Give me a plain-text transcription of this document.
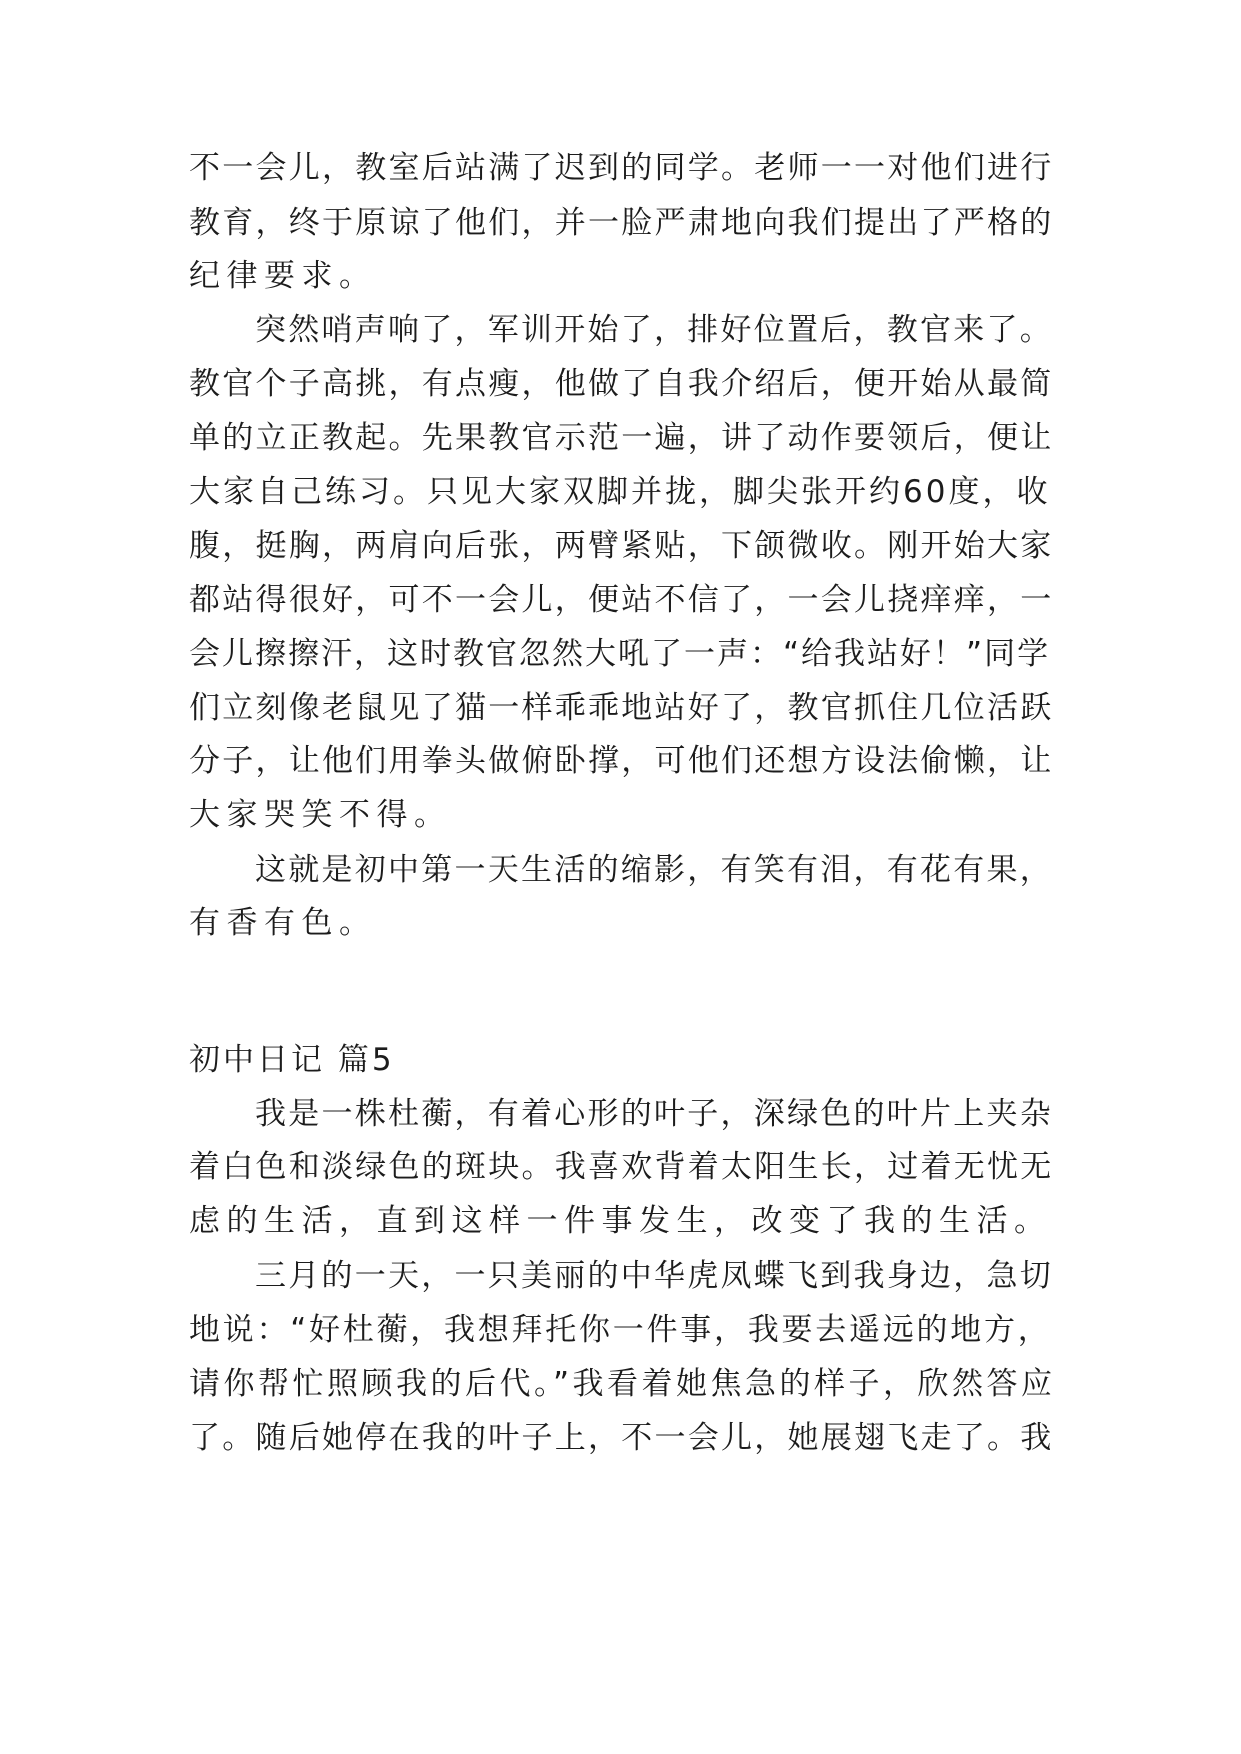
不一会儿，教室后站满了迟到的同学。老师一一对他们进行

教育，终于原谅了他们，并一脸严肃地向我们提出了严格的

纪律要求。

突然哨声响了，军训开始了，排好位置后，教官来了。

教官个子高挑，有点瘦，他做了自我介绍后，便开始从最简

单的立正教起。先果教官示范一遍，讲了动作要领后，便让

大家自己练习。只见大家双脚并拢，脚尖张开约60度，收

腹，挺胸，两肩向后张，两臂紧贴，下颌微收。刚开始大家

都站得很好，可不一会儿，便站不信了，一会儿挠痒痒，一

会儿擦擦汗，这时教官忽然大吼了一声：“给我站好！”同学

们立刻像老鼠见了猫一样乖乖地站好了，教官抓住几位活跃

分子，让他们用拳头做俯卧撑，可他们还想方设法偷懒，让

大家哭笑不得。

这就是初中第一天生活的缩影，有笑有泪，有花有果，

有香有色。

初中日记 篇5

我是一株杜蘅，有着心形的叶子，深绿色的叶片上夹杂

着白色和淡绿色的斑块。我喜欢背着太阳生长，过着无忧无

虑的生活，直到这样一件事发生，改变了我的生活。

三月的一天，一只美丽的中华虎凤蝶飞到我身边，急切

地说：“好杜蘅，我想拜托你一件事，我要去遥远的地方，

请你帮忙照顾我的后代。”我看着她焦急的样子，欣然答应

了。随后她停在我的叶子上，不一会儿，她展翅飞走了。我
